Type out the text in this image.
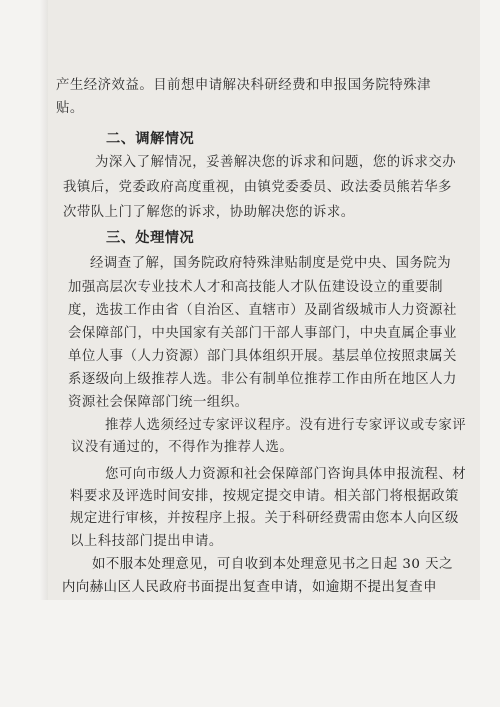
产生经济效益。目前想申请解决科研经费和申报国务院特殊津
贴。
二、调解情况
为深入了解情况，妥善解决您的诉求和问题，您的诉求交办
我镇后，党委政府高度重视，由镇党委委员、政法委员熊若华多
次带队上门了解您的诉求，协助解决您的诉求。
三、处理情况
经调查了解，国务院政府特殊津贴制度是党中央、国务院为
加强高层次专业技术人才和高技能人才队伍建设设立的重要制
度，选拔工作由省（自治区、直辖市）及副省级城市人力资源社
会保障部门，中央国家有关部门干部人事部门，中央直属企事业
单位人事（人力资源）部门具体组织开展。基层单位按照隶属关
系逐级向上级推荐人选。非公有制单位推荐工作由所在地区人力
资源社会保障部门统一组织。
推荐人选须经过专家评议程序。没有进行专家评议或专家评
议没有通过的，不得作为推荐人选。
您可向市级人力资源和社会保障部门咨询具体申报流程、材
料要求及评选时间安排，按规定提交申请。相关部门将根据政策
规定进行审核，并按程序上报。关于科研经费需由您本人向区级
以上科技部门提出申请。
如不服本处理意见，可自收到本处理意见书之日起 30 天之
内向赫山区人民政府书面提出复查申请，如逾期不提出复查申
